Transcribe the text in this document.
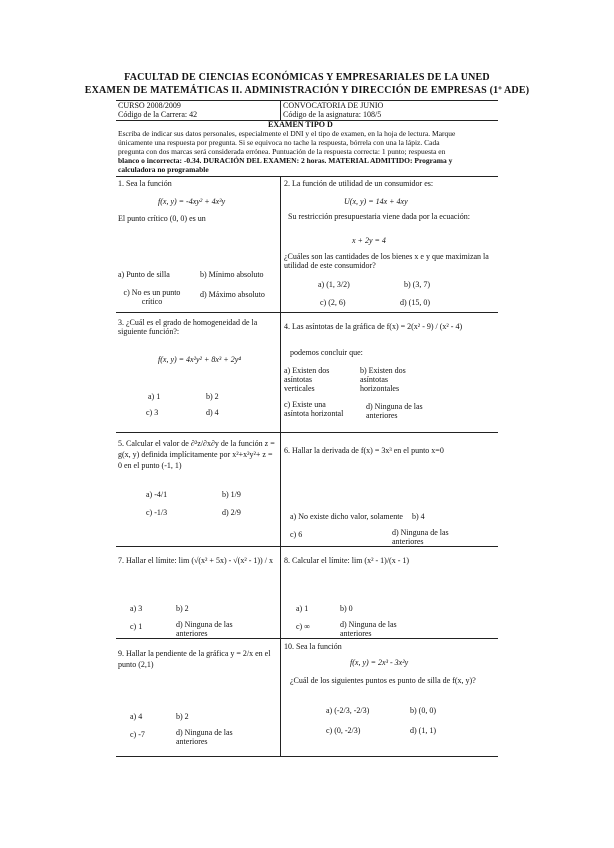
FACULTAD DE CIENCIAS ECONÓMICAS Y EMPRESARIALES DE LA UNED
EXAMEN DE MATEMÁTICAS II. ADMINISTRACIÓN Y DIRECCIÓN DE EMPRESAS (1º ADE)
CURSO 2008/2009
Código de la Carrera: 42
CONVOCATORIA DE JUNIO
Código de la asignatura: 108/5
EXAMEN TIPO D
Escriba de indicar sus datos personales, especialmente el DNI y el tipo de examen, en la hoja de lectura. Marque
únicamente una respuesta por pregunta. Si se equivoca no tache la respuesta, bórrela con una la lápiz. Cada
pregunta con dos marcas será considerada errónea. Puntuación de la respuesta correcta: 1 punto; respuesta en
blanco o incorrecta: -0.34. DURACIÓN DEL EXAMEN: 2 horas. MATERIAL ADMITIDO: Programa y
calculadora no programable
1. Sea la función
f(x, y) = -4xy² + 4x³y
El punto crítico (0, 0) es un
a) Punto de silla	b) Mínimo absoluto
c) No es un punto crítico
d) Máximo absoluto
2. La función de utilidad de un consumidor es:
U(x, y) = 14x + 4xy
Su restricción presupuestaria viene dada por la ecuación:
x + 2y = 4
¿Cuáles son las cantidades de los bienes x e y que maximizan la utilidad de este consumidor?
a) (1, 3/2)	b) (3, 7)
c) (2, 6)	d) (15, 0)
3. ¿Cuál es el grado de homogeneidad de la siguiente función?:
f(x, y) = 4x²y² + 8x³ + 2y⁴
a) 1	b) 2
c) 3	d) 4
4. Las asíntotas de la gráfica de f(x) = 2(x² - 9) / (x² - 4)
podemos concluir que:
a) Existen dos asíntotas verticales
b) Existen dos asíntotas horizontales
c) Existe una asíntota horizontal
d) Ninguna de las anteriores
5. Calcular el valor de ∂²z/∂x∂y de la función z = g(x, y) definida implícitamente por x²+x²y²+ z = 0 en el punto (-1, 1)
a) -4/1	b) 1/9
c) -1/3	d) 2/9
6. Hallar la derivada de f(x) = 3x³ en el punto x=0
a) No existe dicho valor, solamente b) 4
c) 6	d) Ninguna de las anteriores
7. Hallar el límite: lim (√(x² + 5x) - √(x² - 1)) / x
a) 3	b) 2
c) 1	d) Ninguna de las anteriores
8. Calcular el límite: lim (x² - 1)/(x - 1)
a) 1	b) 0
c) ∞	d) Ninguna de las anteriores
9. Hallar la pendiente de la gráfica y = 2/x en el punto (2,1)
a) 4	b) 2
c) -7	d) Ninguna de las anteriores
10. Sea la función
f(x, y) = 2x³ - 3x²y
¿Cuál de los siguientes puntos es punto de silla de f(x, y)?
a) (-2/3, -2/3)	b) (0, 0)
c) (0, -2/3)	d) (1, 1)
